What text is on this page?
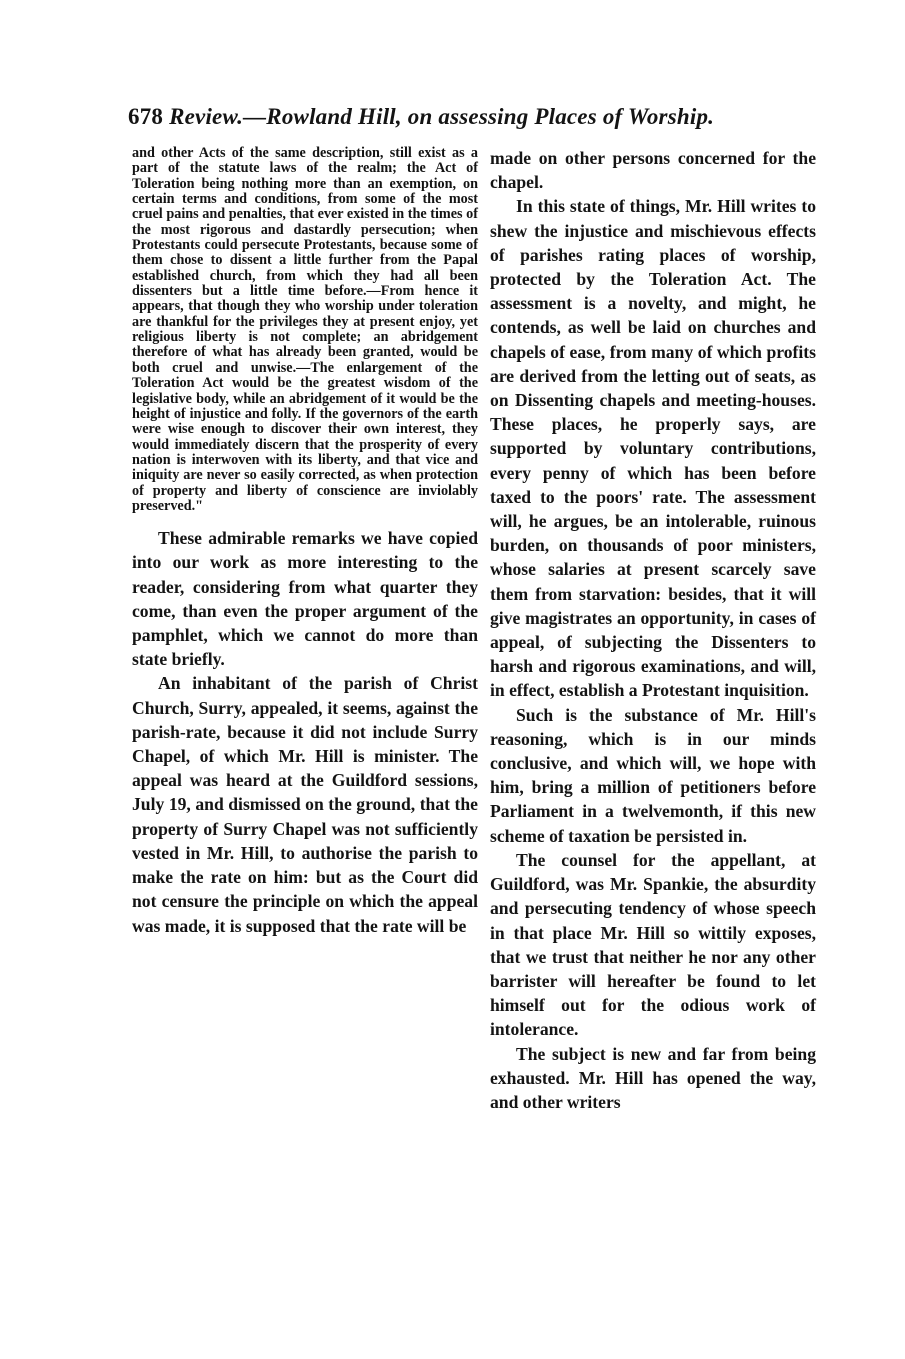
678 Review.—Rowland Hill, on assessing Places of Worship.

and other Acts of the same description, still exist as a part of the statute laws of the realm; the Act of Toleration being nothing more than an exemption, on certain terms and conditions, from some of the most cruel pains and penalties, that ever existed in the times of the most rigorous and dastardly persecution; when Protestants could persecute Protestants, because some of them chose to dissent a little further from the Papal established church, from which they had all been dissenters but a little time before.—From hence it appears, that though they who worship under toleration are thankful for the privileges they at present enjoy, yet religious liberty is not complete; an abridgement therefore of what has already been granted, would be both cruel and unwise.—The enlargement of the Toleration Act would be the greatest wisdom of the legislative body, while an abridgement of it would be the height of injustice and folly. If the governors of the earth were wise enough to discover their own interest, they would immediately discern that the prosperity of every nation is interwoven with its liberty, and that vice and iniquity are never so easily corrected, as when protection of property and liberty of conscience are inviolably preserved."

These admirable remarks we have copied into our work as more interesting to the reader, considering from what quarter they come, than even the proper argument of the pamphlet, which we cannot do more than state briefly.

An inhabitant of the parish of Christ Church, Surry, appealed, it seems, against the parish-rate, because it did not include Surry Chapel, of which Mr. Hill is minister. The appeal was heard at the Guildford sessions, July 19, and dismissed on the ground, that the property of Surry Chapel was not sufficiently vested in Mr. Hill, to authorise the parish to make the rate on him: but as the Court did not censure the principle on which the appeal was made, it is supposed that the rate will be

made on other persons concerned for the chapel.

In this state of things, Mr. Hill writes to shew the injustice and mischievous effects of parishes rating places of worship, protected by the Toleration Act. The assessment is a novelty, and might, he contends, as well be laid on churches and chapels of ease, from many of which profits are derived from the letting out of seats, as on Dissenting chapels and meeting-houses. These places, he properly says, are supported by voluntary contributions, every penny of which has been before taxed to the poors' rate. The assessment will, he argues, be an intolerable, ruinous burden, on thousands of poor ministers, whose salaries at present scarcely save them from starvation: besides, that it will give magistrates an opportunity, in cases of appeal, of subjecting the Dissenters to harsh and rigorous examinations, and will, in effect, establish a Protestant inquisition.

Such is the substance of Mr. Hill's reasoning, which is in our minds conclusive, and which will, we hope with him, bring a million of petitioners before Parliament in a twelvemonth, if this new scheme of taxation be persisted in.

The counsel for the appellant, at Guildford, was Mr. Spankie, the absurdity and persecuting tendency of whose speech in that place Mr. Hill so wittily exposes, that we trust that neither he nor any other barrister will hereafter be found to let himself out for the odious work of intolerance.

The subject is new and far from being exhausted. Mr. Hill has opened the way, and other writers
